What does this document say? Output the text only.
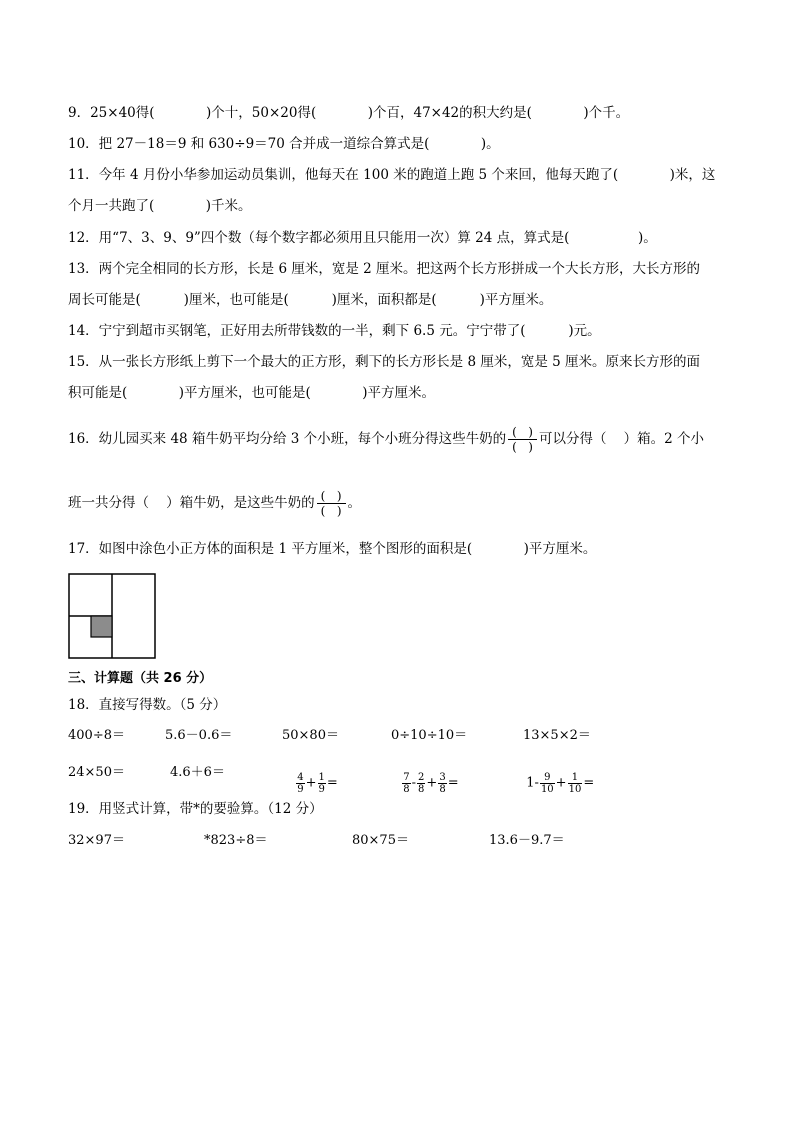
9．25×40得(            )个十，50×20得(            )个百，47×42的积大约是(            )个千。
10．把 27－18＝9 和 630÷9＝70 合并成一道综合算式是(            )。
11．今年 4 月份小华参加运动员集训，他每天在 100 米的跑道上跑 5 个来回，他每天跑了(            )米，这
个月一共跑了(            )千米。
12．用“7、3、9、9”四个数（每个数字都必须用且只能用一次）算 24 点，算式是(                )。
13．两个完全相同的长方形，长是 6 厘米，宽是 2 厘米。把这两个长方形拼成一个大长方形，大长方形的
周长可能是(          )厘米，也可能是(          )厘米，面积都是(          )平方厘米。
14．宁宁到超市买钢笔，正好用去所带钱数的一半，剩下 6.5 元。宁宁带了(          )元。
15．从一张长方形纸上剪下一个最大的正方形，剩下的长方形长是 8 厘米，宽是 5 厘米。原来长方形的面
积可能是(            )平方厘米，也可能是(            )平方厘米。
16．幼儿园买来 48 箱牛奶平均分给 3 个小班，每个小班分得这些牛奶的 $\frac{( )}{( )}$ 可以分得（    ）箱。2 个小
班一共分得（    ）箱牛奶，是这些牛奶的 $\frac{( )}{( )}$ 。
17．如图中涂色小正方体的面积是 1 平方厘米，整个图形的面积是(            )平方厘米。
三、计算题（共 26 分）
18．直接写得数。（5 分）
400÷8＝	5.6－0.6＝	50×80＝	0÷10÷10＝	13×5×2＝
24×50＝	4.6＋6＝

	$\frac{4}{9} + \frac{1}{9}$ =

	$\frac{7}{8} - \frac{2}{8} + \frac{3}{8}$ =	$1- \frac{9}{10} + \frac{1}{10}$ =

19．用竖式计算，带*的要验算。（12 分）
32×97＝	*823÷8＝	80×75＝	13.6－9.7＝
